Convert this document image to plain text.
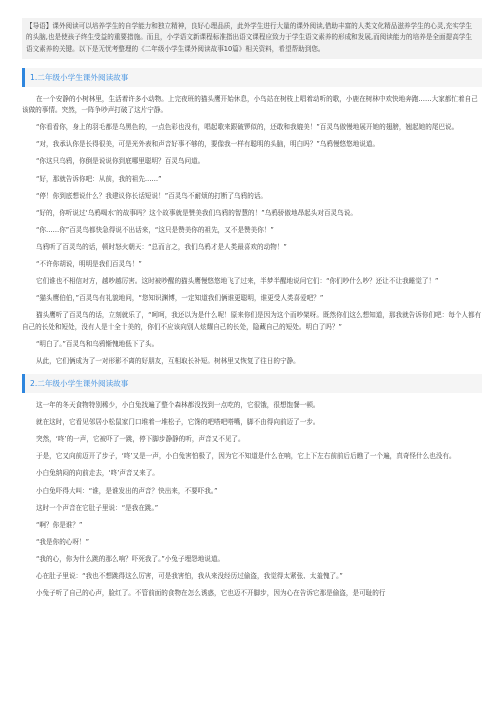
【导语】课外阅读可以培养学生的自学能力和独立精神，良好心理品质，此外学生进行大量的课外阅读,借助丰富的人类文化精品滋养学生的心灵,充实学生的头脑,也是使孩子终生受益的重要措施。而且，小学语文新课程标准指出语文课程应致力于学生语文素养的形成和发展,而阅读能力的培养是全面提高学生语文素养的关键。以下是无忧考整理的《二年级小学生课外阅读故事10篇》相关资料，希望帮助到您。
1.二年级小学生课外阅读故事

在一个安静的小树林里，生活着许多小动物。上完夜班的猫头鹰开始休息，小鸟站在树枝上唱着动听的歌，小鹿在树林中欢快地奔跑……大家都忙着自己该做的事情。突然，一阵争吵声打破了这片宁静。

“你看看你，身上的羽毛都是乌黑色的，一点色彩也没有，唱起歌来跟破锣似的，还敢和我媲美！”百灵鸟傲慢地展开她的翅膀，翘起她的尾巴说。

“对，我承认你是长得很美，可是光外表和声音好事不够的，要像我一样有聪明的头脑，明白吗？”乌鸦慢悠悠地说道。

“你这只乌鸦，你倒是说说你到底哪里聪明？百灵鸟问道。

“好，那就告诉你吧：从前，我的祖先……”

“停！你到底想说什么？我建议你长话短说！”百灵鸟不耐烦的打断了乌鸦的话。

“好的，你听说过‘乌鸦喝水’的故事吗？这个故事就是赞美我们乌鸦的智慧的！”乌鸦骄傲地昂起头对百灵鸟说。

“你……你”百灵鸟都快急得说不出话来，“这只是赞美你的祖先，又不是赞美你！”

乌鸦听了百灵鸟的话，顿时怒火朝天：“总而言之，我们乌鸦才是人类最喜欢的动物！”

“不许你胡说，明明是我们百灵鸟！”

它们谁也不相信对方，越吵越厉害。这时被吵醒的猫头鹰慢悠悠地飞了过来，半梦半醒地说问它们：“你们吵什么吵？还让不让我睡觉了！”

“猫头鹰伯伯，”百灵鸟有礼貌地问，“您知识渊博，一定知道我们俩谁更聪明，谁更受人类喜爱吧？”

猫头鹰听了百灵鸟的话，立刻就乐了，“呵呵，我还以为是什么呢！原来你们是因为这个而吵架呀。既然你们这么想知道，那我就告诉你们吧：每个人都有自己的长处和短处，没有人是十全十美的，你们不应该向别人炫耀自己的长处，隐藏自己的短处。明白了吗？”

“明白了。”百灵鸟和乌鸦惭愧地低下了头。

从此，它们俩成为了一对形影不离的好朋友，互相取长补短。树林里又恢复了往日的宁静。

2.二年级小学生课外阅读故事

这一年的冬天食物特别稀少，小白兔找遍了整个森林都没找到一点吃的，它很饿，很想饱餐一顿。

就在这时，它看见邻居小松鼠家门口堆着一堆松子，它馋的吧嗒吧嗒嘴，脚不由得向前迈了一步。

突然，‘咚’的一声，它被吓了一跳，停下脚步静静的听，声音又不见了。

于是，它又向前迈开了步子，‘咚’又是一声，小白兔害怕极了，因为它不知道是什么在响，它上下左右前前后后瞧了一个遍，真奇怪什么也没有。

小白兔纳闷的向前走去，‘咚’声音又来了。

小白兔吓得大叫：“谁，是谁发出的声音？快出来，不要吓我。”

这时一个声音在它肚子里说：“是我在跳。”

“啊？你是谁？”

“我是你的心呀！”

“我的心，你为什么跳的那么响？吓死我了。”小兔子埋怨地说道。

心在肚子里说：“我也不想跳得这么厉害，可是我害怕，我从来没经历过偷盗，我觉得太紧张、太羞愧了。”

小兔子听了自己的心声，脸红了。不管前面的食物在怎么诱惑，它也迈不开脚步，因为心在告诉它那是偷盗，是可耻的行
